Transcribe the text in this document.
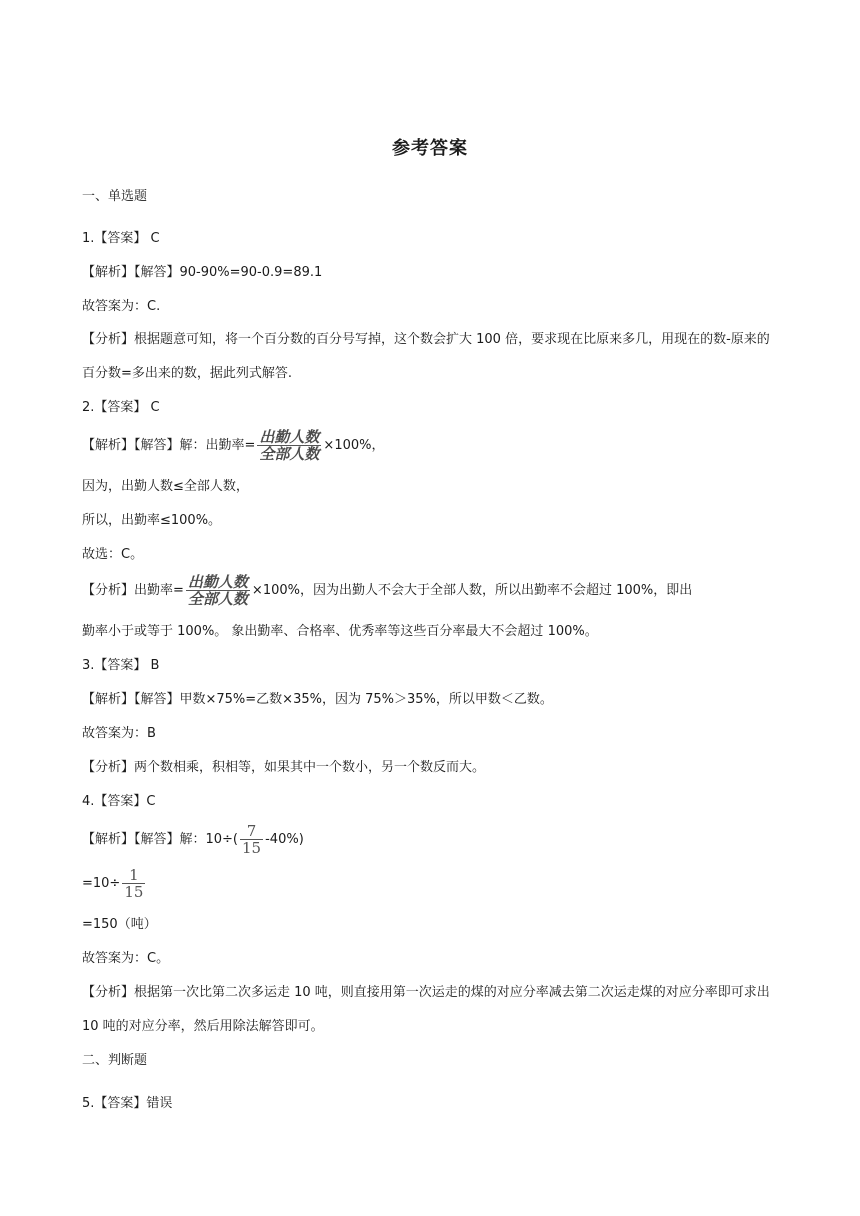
参考答案
一、单选题
1.【答案】 C
【解析】【解答】90-90%=90-0.9=89.1
故答案为：C.
【分析】根据题意可知，将一个百分数的百分号写掉，这个数会扩大 100 倍，要求现在比原来多几，用现在的数-原来的百分数=多出来的数，据此列式解答.
2.【答案】 C
【解析】【解答】解：出勤率= $\frac{\text{出勤人数}}{\text{全部人数}} \times 100\%$，
因为，出勤人数≤全部人数，
所以，出勤率≤100%。
故选：C。
【分析】出勤率= $\frac{\text{出勤人数}}{\text{全部人数}} \times 100\%$，因为出勤人不会大于全部人数，所以出勤率不会超过 100%，即出
勤率小于或等于 100%。 象出勤率、合格率、优秀率等这些百分率最大不会超过 100%。
3.【答案】 B
【解析】【解答】甲数×75%=乙数×35%，因为 75%＞35%，所以甲数＜乙数。
故答案为：B
【分析】两个数相乘，积相等，如果其中一个数小，另一个数反而大。
4.【答案】C
【解析】【解答】解：$10\div( \frac{7}{15} -40\%)$
$=10\div \frac{1}{15}$
=150（吨）
故答案为：C。
【分析】根据第一次比第二次多运走 10 吨，则直接用第一次运走的煤的对应分率减去第二次运走煤的对应分率即可求出 10 吨的对应分率，然后用除法解答即可。
二、判断题
5.【答案】错误
